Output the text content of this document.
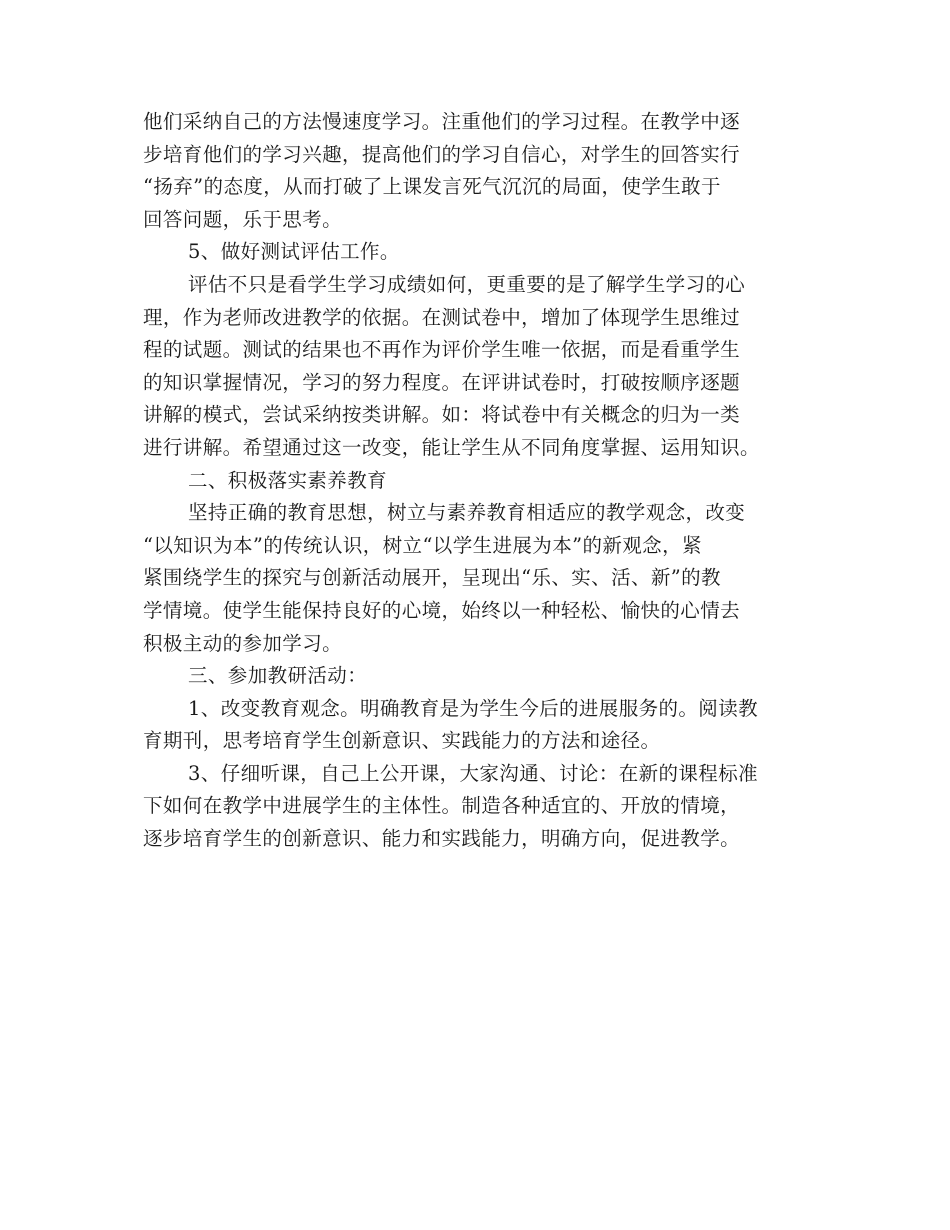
他们采纳自己的方法慢速度学习。注重他们的学习过程。在教学中逐
步培育他们的学习兴趣，提高他们的学习自信心，对学生的回答实行
“扬弃”的态度，从而打破了上课发言死气沉沉的局面，使学生敢于
回答问题，乐于思考。
5、做好测试评估工作。
评估不只是看学生学习成绩如何，更重要的是了解学生学习的心
理，作为老师改进教学的依据。在测试卷中，增加了体现学生思维过
程的试题。测试的结果也不再作为评价学生唯一依据，而是看重学生
的知识掌握情况，学习的努力程度。在评讲试卷时，打破按顺序逐题
讲解的模式，尝试采纳按类讲解。如：将试卷中有关概念的归为一类
进行讲解。希望通过这一改变，能让学生从不同角度掌握、运用知识。
二、积极落实素养教育
坚持正确的教育思想，树立与素养教育相适应的教学观念，改变
“以知识为本”的传统认识，树立“以学生进展为本”的新观念，紧
紧围绕学生的探究与创新活动展开，呈现出“乐、实、活、新”的教
学情境。使学生能保持良好的心境，始终以一种轻松、愉快的心情去
积极主动的参加学习。
三、参加教研活动：
1、改变教育观念。明确教育是为学生今后的进展服务的。阅读教
育期刊，思考培育学生创新意识、实践能力的方法和途径。
3、仔细听课，自己上公开课，大家沟通、讨论：在新的课程标准
下如何在教学中进展学生的主体性。制造各种适宜的、开放的情境，
逐步培育学生的创新意识、能力和实践能力，明确方向，促进教学。
